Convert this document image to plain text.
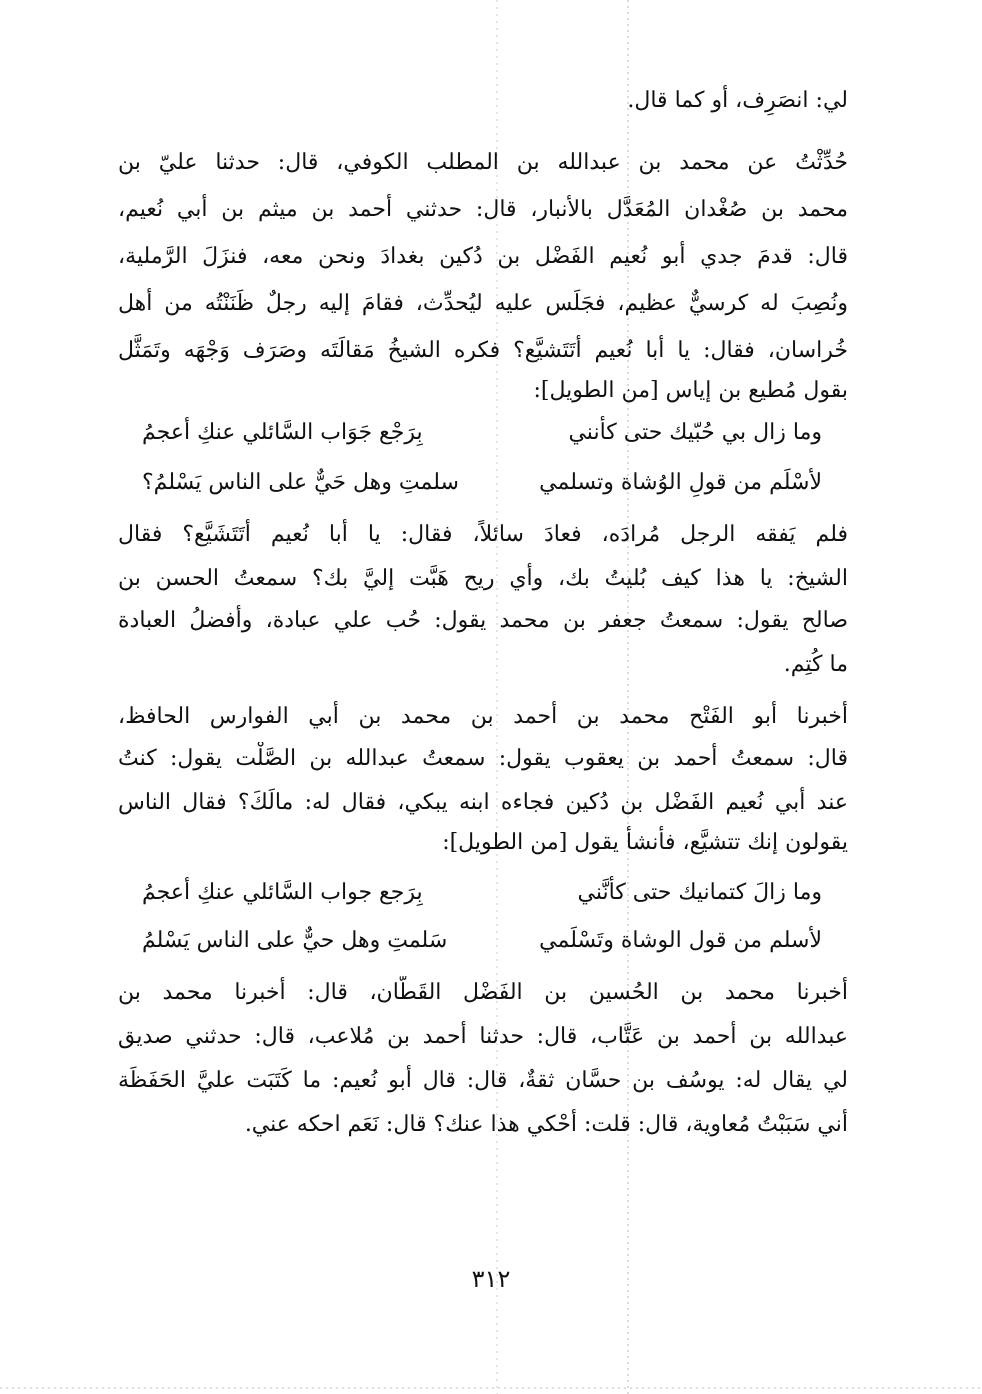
لي: انصَرِف، أو كما قال.
حُدِّثْتُ عن محمد بن عبدالله بن المطلب الكوفي، قال: حدثنا عليّ بن
محمد بن صُغْدان المُعَدَّل بالأنبار، قال: حدثني أحمد بن ميثم بن أبي نُعيم،
قال: قدمَ جدي أبو نُعيم الفَضْل بن دُكين بغدادَ ونحن معه، فنزَلَ الرَّملية،
ونُصِبَ له كرسيٌّ عظيم، فجَلَس عليه ليُحدِّث، فقامَ إليه رجلٌ ظَنَنْتُه من أهل
خُراسان، فقال: يا أبا نُعيم أتَتَشيَّع؟ فكره الشيخُ مَقالَتَه وصَرَف وَجْهَه وتَمَثَّل
بقول مُطيع بن إياس [من الطويل]:
وما زال بي حُبّيك حتى كأنني
بِرَجْع جَوَاب السَّائلي عنكِ أعجمُ
لأسْلَم من قولِ الوُشاة وتسلمي
سلمتِ وهل حَيٌّ على الناس يَسْلمُ؟
فلم يَفقه الرجل مُرادَه، فعادَ سائلاً، فقال: يا أبا نُعيم أتَتَشَيَّع؟ فقال
الشيخ: يا هذا كيف بُليتُ بك، وأي ريح هَبَّت إليَّ بك؟ سمعتُ الحسن بن
صالح يقول: سمعتُ جعفر بن محمد يقول: حُب علي عبادة، وأفضلُ العبادة
ما كُتِم.
أخبرنا أبو الفَتْح محمد بن أحمد بن محمد بن أبي الفوارس الحافظ،
قال: سمعتُ أحمد بن يعقوب يقول: سمعتُ عبدالله بن الصَّلْت يقول: كنتُ
عند أبي نُعيم الفَضْل بن دُكين فجاءه ابنه يبكي، فقال له: مالَكَ؟ فقال الناس
يقولون إنك تتشيَّع، فأنشأ يقول [من الطويل]:
وما زالَ كتمانيك حتى كأنَّني
بِرَجع جواب السَّائلي عنكِ أعجمُ
لأسلم من قول الوشاة وتَسْلَمي
سَلمتِ وهل حيٌّ على الناس يَسْلمُ
أخبرنا محمد بن الحُسين بن الفَضْل القَطَّان، قال: أخبرنا محمد بن
عبدالله بن أحمد بن عَتَّاب، قال: حدثنا أحمد بن مُلاعب، قال: حدثني صديق
لي يقال له: يوسُف بن حسَّان ثقةٌ، قال: قال أبو نُعيم: ما كَتَبَت عليَّ الحَفَظَة
أني سَبَبْتُ مُعاوية، قال: قلت: أحْكي هذا عنك؟ قال: نَعَم احكه عني.
٣١٢
